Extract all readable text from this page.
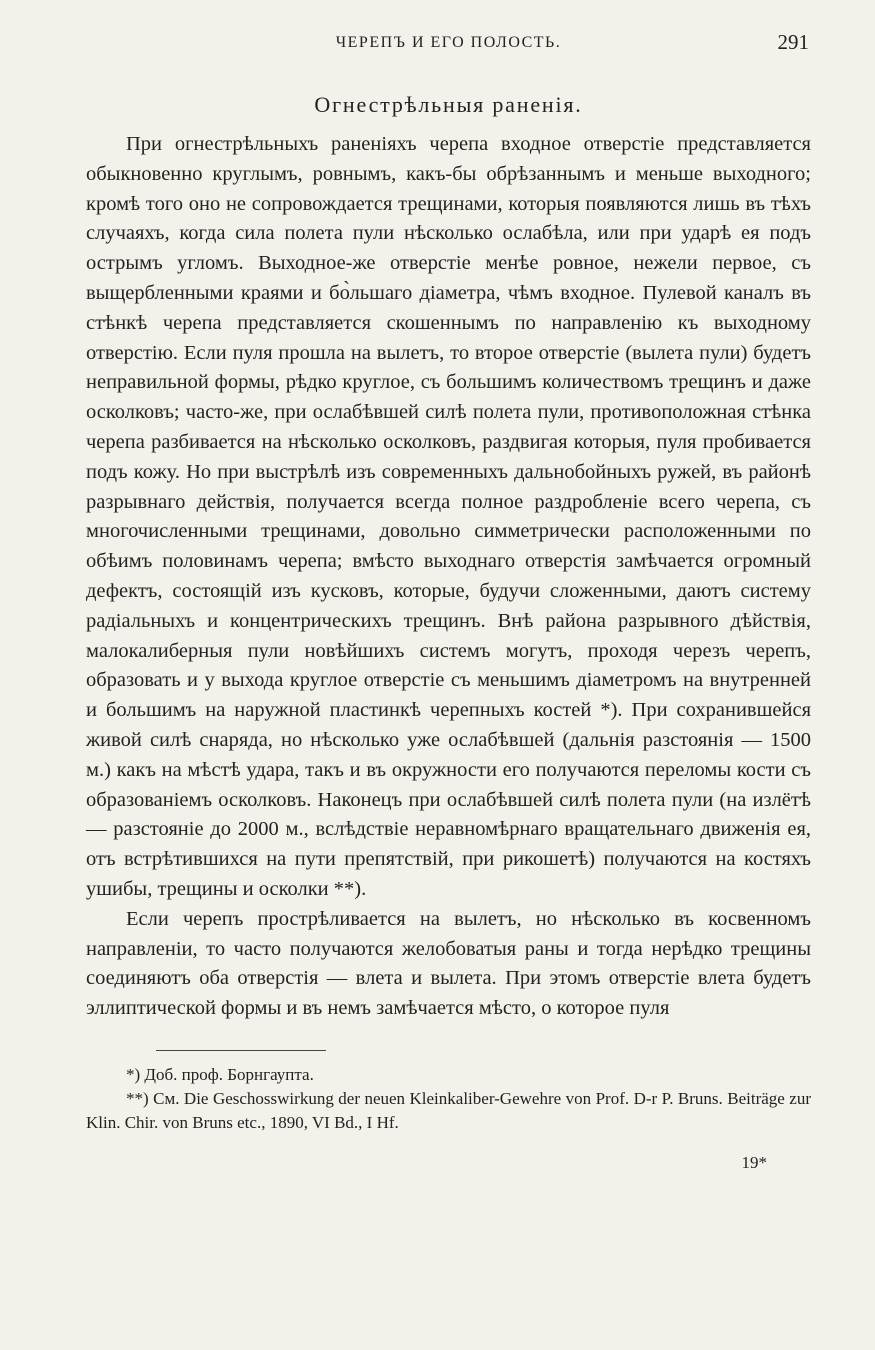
ЧЕРЕПЪ И ЕГО ПОЛОСТЬ.	291
Огнестрѣльныя раненія.

При огнестрѣльныхъ раненіяхъ черепа входное отверстіе представляется обыкновенно круглымъ, ровнымъ, какъ-бы обрѣзаннымъ и меньше выходного; кромѣ того оно не сопровождается трещинами, которыя появляются лишь въ тѣхъ случаяхъ, когда сила полета пули нѣсколько ослабѣла, или при ударѣ ея подъ острымъ угломъ. Выходное-же отверстіе менѣе ровное, нежели первое, съ выщербленными краями и бо̀льшаго діаметра, чѣмъ входное. Пулевой каналъ въ стѣнкѣ черепа представляется скошеннымъ по направленію къ выходному отверстію. Если пуля прошла на вылетъ, то второе отверстіе (вылета пули) будетъ неправильной формы, рѣдко круглое, съ большимъ количествомъ трещинъ и даже осколковъ; часто-же, при ослабѣвшей силѣ полета пули, противоположная стѣнка черепа разбивается на нѣсколько осколковъ, раздвигая которыя, пуля пробивается подъ кожу. Но при выстрѣлѣ изъ современныхъ дальнобойныхъ ружей, въ районѣ разрывнаго действія, получается всегда полное раздробленіе всего черепа, съ многочисленными трещинами, довольно симметрически расположенными по обѣимъ половинамъ черепа; вмѣсто выходнаго отверстія замѣчается огромный дефектъ, состоящій изъ кусковъ, которые, будучи сложенными, даютъ систему радіальныхъ и концентрическихъ трещинъ. Внѣ района разрывного дѣйствія, малокалиберныя пули новѣйшихъ системъ могутъ, проходя черезъ черепъ, образовать и у выхода круглое отверстіе съ меньшимъ діаметромъ на внутренней и большимъ на наружной пластинкѣ черепныхъ костей *). При сохранившейся живой силѣ снаряда, но нѣсколько уже ослабѣвшей (дальнія разстоянія — 1500 м.) какъ на мѣстѣ удара, такъ и въ окружности его получаются переломы кости съ образованіемъ осколковъ. Наконецъ при ослабѣвшей силѣ полета пули (на излётѣ — разстояніе до 2000 м., вслѣдствіе неравномѣрнаго вращательнаго движенія ея, отъ встрѣтившихся на пути препятствій, при рикошетѣ) получаются на костяхъ ушибы, трещины и осколки **).

Если черепъ прострѣливается на вылетъ, но нѣсколько въ косвенномъ направленіи, то часто получаются желобоватыя раны и тогда нерѣдко трещины соединяютъ оба отверстія — влета и вылета. При этомъ отверстіе влета будетъ эллиптической формы и въ немъ замѣчается мѣсто, о которое пуля

*) Доб. проф. Борнгаупта.

**) См. Die Geschosswirkung der neuen Kleinkaliber-Gewehre von Prof. D-r P. Bruns. Beiträge zur Klin. Chir. von Bruns etc., 1890, VI Bd., I Hf.

19*
